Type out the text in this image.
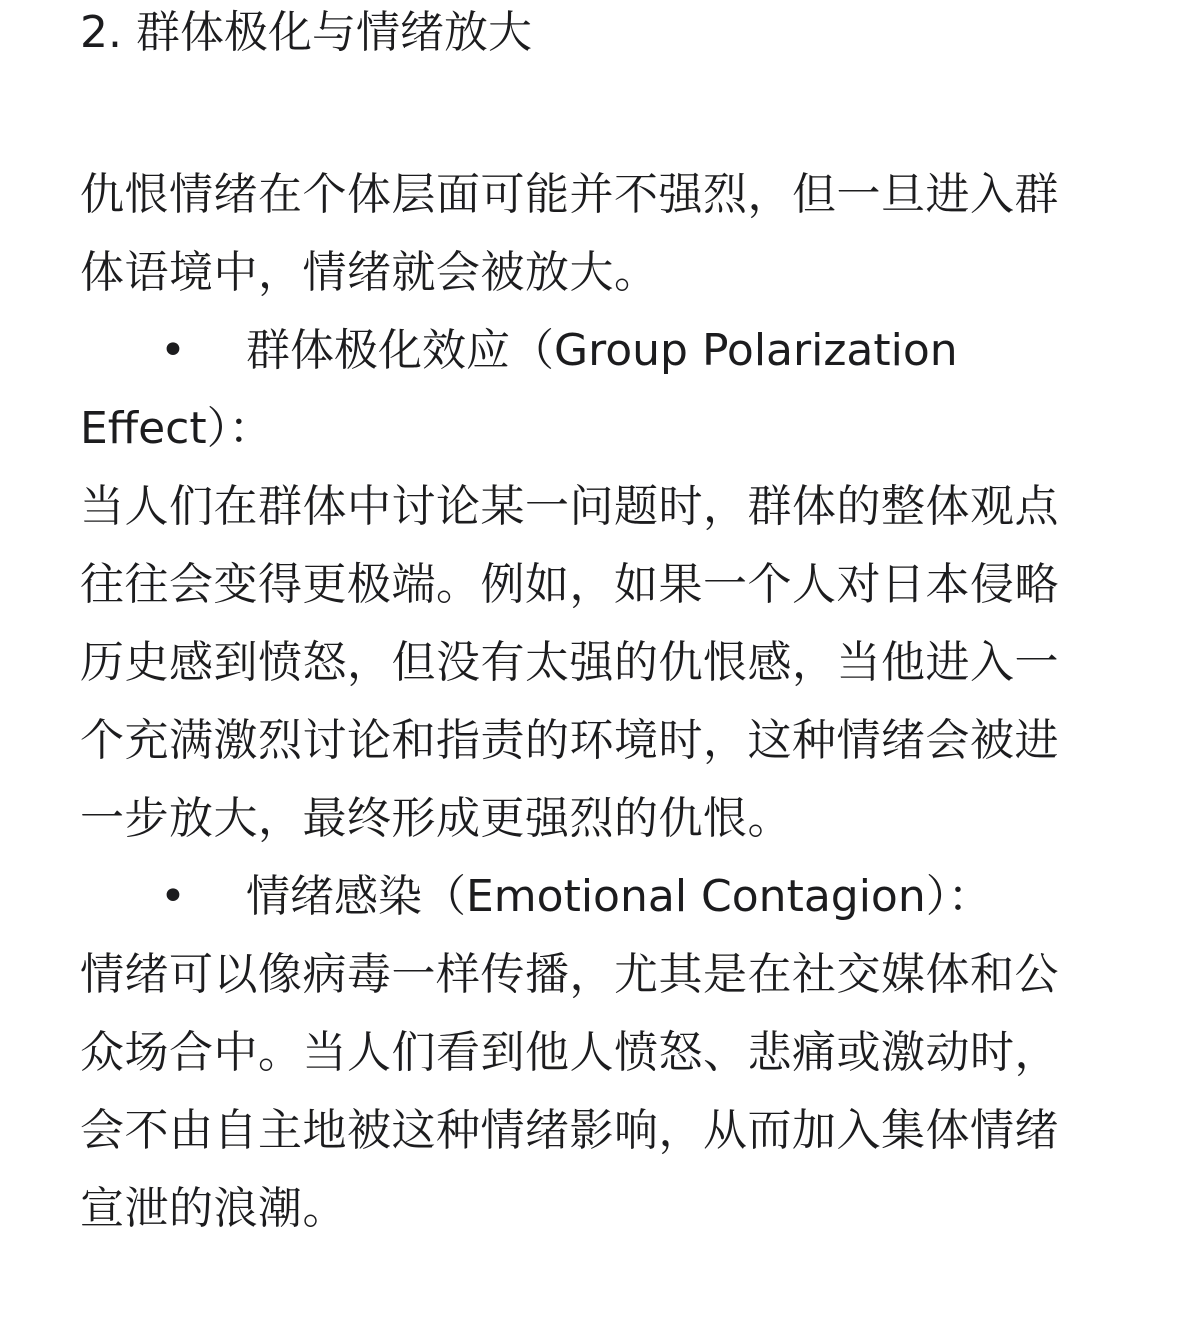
2. 群体极化与情绪放大

仇恨情绪在个体层面可能并不强烈，但一旦进入群体语境中，情绪就会被放大。

• 群体极化效应（Group Polarization Effect）：

当人们在群体中讨论某一问题时，群体的整体观点往往会变得更极端。例如，如果一个人对日本侵略历史感到愤怒，但没有太强的仇恨感，当他进入一个充满激烈讨论和指责的环境时，这种情绪会被进一步放大，最终形成更强烈的仇恨。

• 情绪感染（Emotional Contagion）：

情绪可以像病毒一样传播，尤其是在社交媒体和公众场合中。当人们看到他人愤怒、悲痛或激动时，会不由自主地被这种情绪影响，从而加入集体情绪宣泄的浪潮。
